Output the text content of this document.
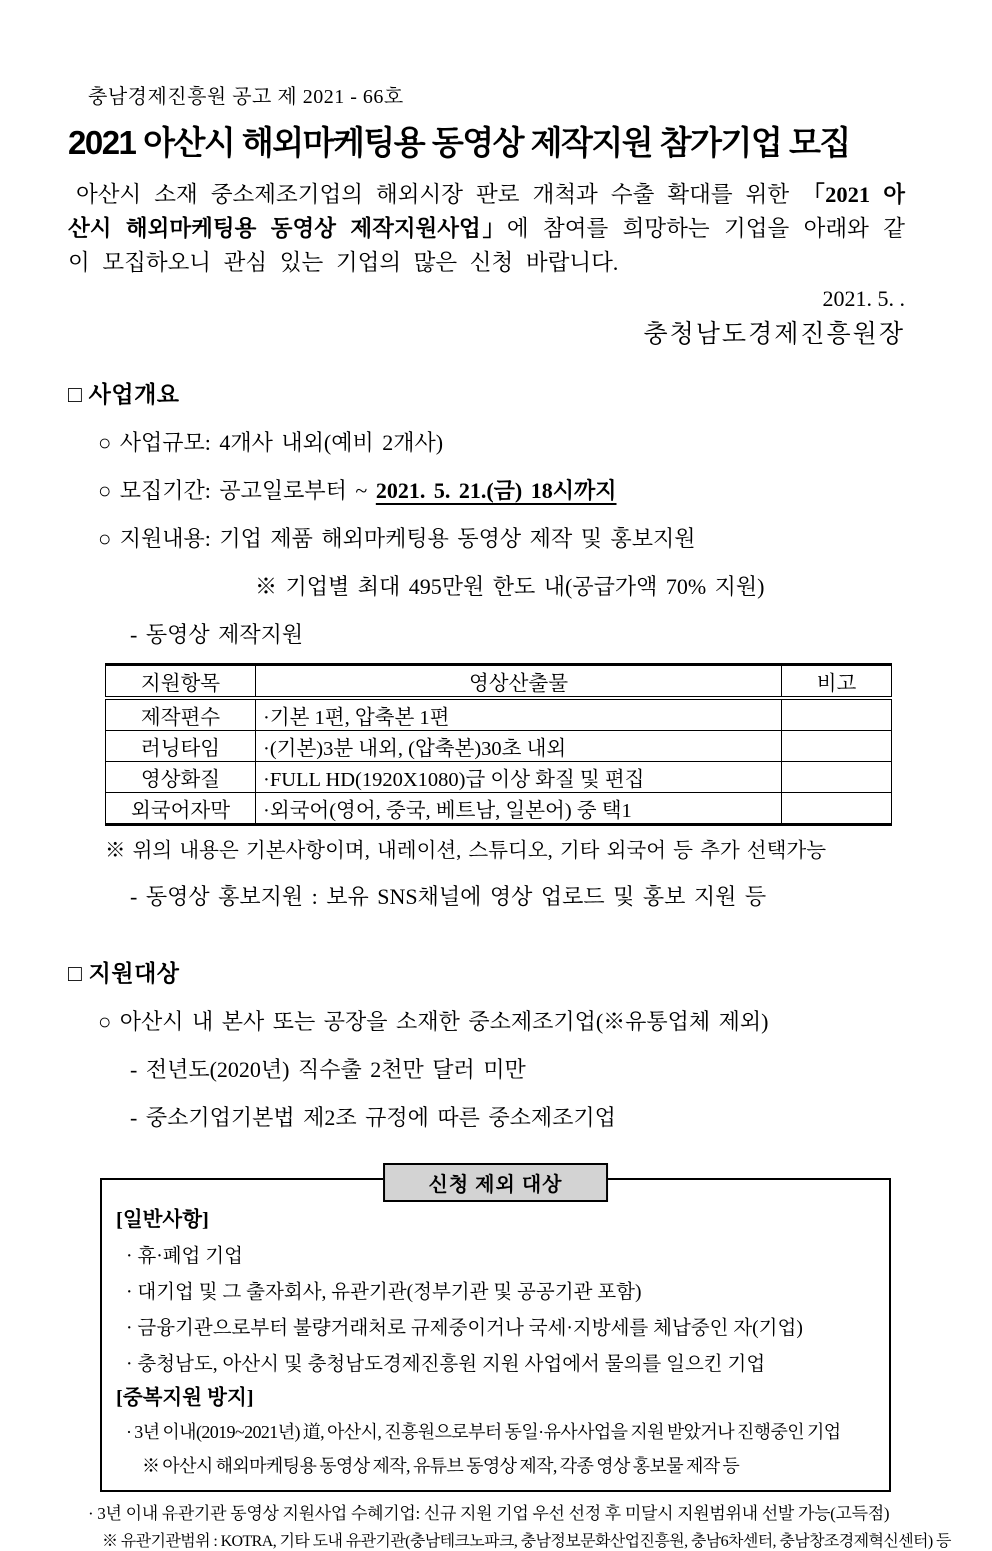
충남경제진흥원 공고 제 2021 - 66호
2021 아산시 해외마케팅용 동영상 제작지원 참가기업 모집

아산시 소재 중소제조기업의 해외시장 판로 개척과 수출 확대를 위한 「2021 아산시 해외마케팅용 동영상 제작지원사업」에 참여를 희망하는 기업을 아래와 같이 모집하오니 관심 있는 기업의 많은 신청 바랍니다.

2021. 5. .
충청남도경제진흥원장
□ 사업개요
○ 사업규모: 4개사 내외(예비 2개사)
○ 모집기간: 공고일로부터 ~ 2021. 5. 21.(금) 18시까지
○ 지원내용: 기업 제품 해외마케팅용 동영상 제작 및 홍보지원
※ 기업별 최대 495만원 한도 내(공급가액 70% 지원)
- 동영상 제작지원
지원항목	영상산출물	비고
제작편수	·기본 1편, 압축본 1편	
러닝타임	·(기본)3분 내외, (압축본)30초 내외	
영상화질	·FULL HD(1920X1080)급 이상 화질 및 편집	
외국어자막	·외국어(영어, 중국, 베트남, 일본어) 중 택1	
※ 위의 내용은 기본사항이며, 내레이션, 스튜디오, 기타 외국어 등 추가 선택가능
- 동영상 홍보지원 : 보유 SNS채널에 영상 업로드 및 홍보 지원 등
□ 지원대상
○ 아산시 내 본사 또는 공장을 소재한 중소제조기업(※유통업체 제외)
- 전년도(2020년) 직수출 2천만 달러 미만
- 중소기업기본법 제2조 규정에 따른 중소제조기업
신청 제외 대상
[일반사항]
· 휴·폐업 기업
· 대기업 및 그 출자회사, 유관기관(정부기관 및 공공기관 포함)
· 금융기관으로부터 불량거래처로 규제중이거나 국세·지방세를 체납중인 자(기업)
· 충청남도, 아산시 및 충청남도경제진흥원 지원 사업에서 물의를 일으킨 기업
[중복지원 방지]
· 3년 이내(2019~2021년) 道, 아산시, 진흥원으로부터 동일·유사사업을 지원 받았거나 진행중인 기업
※ 아산시 해외마케팅용 동영상 제작, 유튜브 동영상 제작, 각종 영상 홍보물 제작 등
· 3년 이내 유관기관 동영상 지원사업 수혜기업: 신규 지원 기업 우선 선정 후 미달시 지원범위내 선발 가능(고득점)
※ 유관기관범위 : KOTRA, 기타 도내 유관기관(충남테크노파크, 충남정보문화산업진흥원, 충남6차센터, 충남창조경제혁신센터) 등
